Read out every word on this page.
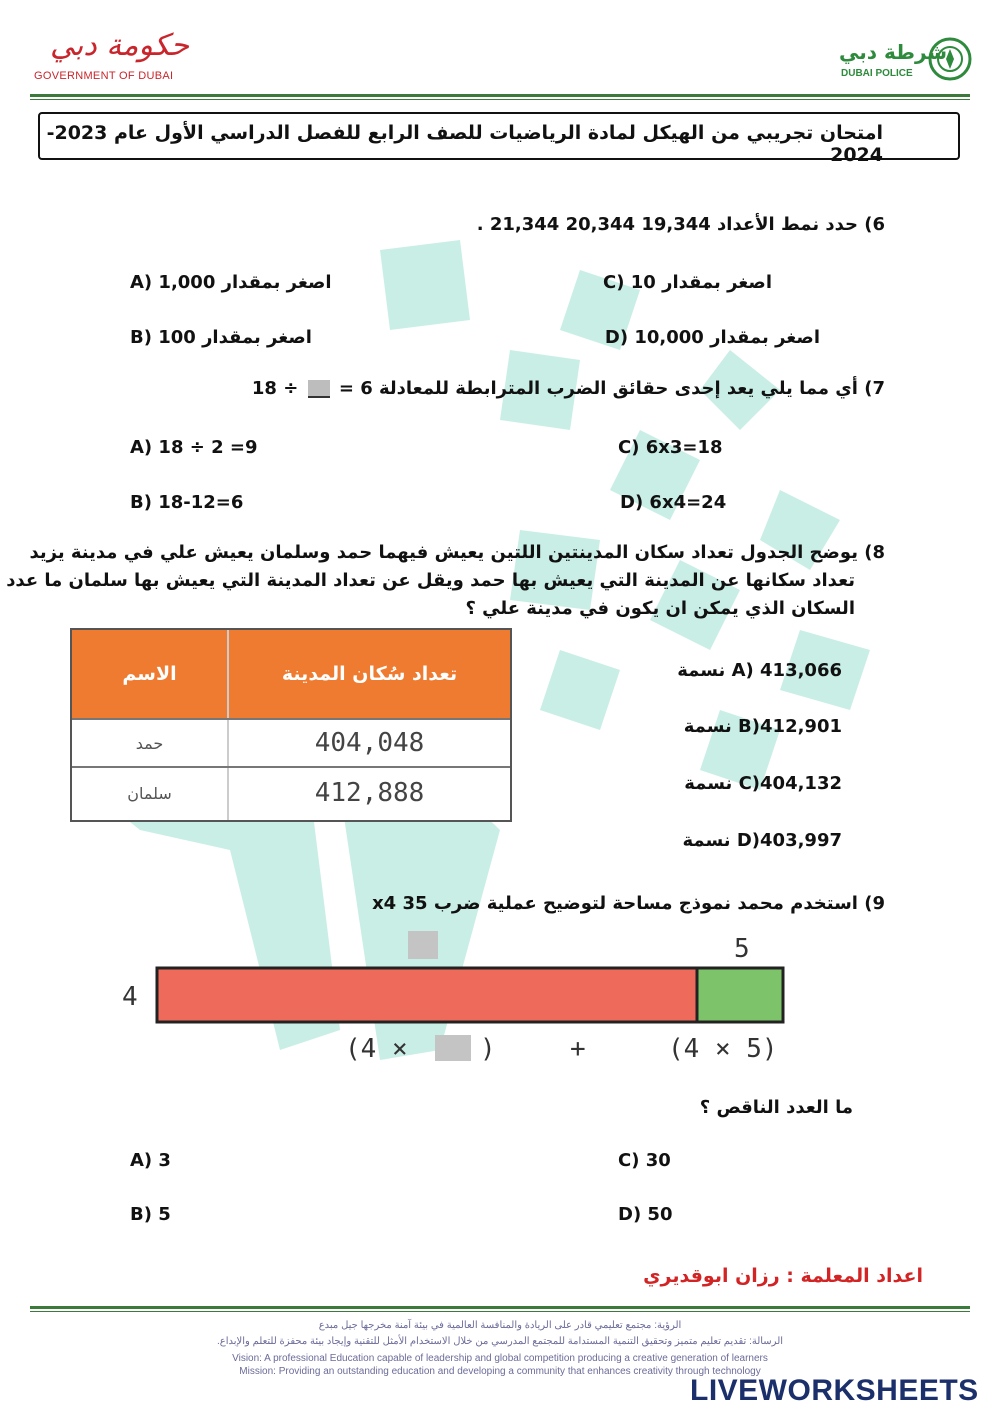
حكومة دبي
GOVERNMENT OF DUBAI
شرطة دبي
DUBAI POLICE
امتحان تجريبي من الهيكل لمادة الرياضيات للصف الرابع للفصل الدراسي الأول عام 2023-2024
6) حدد نمط الأعداد 19,344 20,344 21,344 .
A) 1,000 اصغر بمقدار
B) 100 اصغر بمقدار
اصغر بمقدار 10 (C
اصغر بمقدار 10,000 (D
7) أي مما يلي يعد إحدى حقائق الضرب المترابطة للمعادلة 6 =  ÷ 18
A) 18 ÷ 2 =9
B) 18-12=6
C) 6x3=18
D) 6x4=24
8) يوضح الجدول تعداد سكان المدينتين اللتين يعيش فيهما حمد وسلمان يعيش علي في مدينة يزيد
تعداد سكانها عن المدينة التي يعيش بها حمد ويقل عن تعداد المدينة التي يعيش بها سلمان ما عدد
السكان الذي يمكن ان يكون في مدينة علي ؟
الاسم	تعداد سُكان المدينة
حمد	404,048
سلمان	412,888
413,066 (A نسمة
412,901(B نسمة
404,132(C نسمة
403,997(D نسمة
9) استخدم محمد نموذج مساحة لتوضيح عملية ضرب 35 x4
5
4
(4 ×	)	+	(4 × 5)
ما العدد الناقص ؟
A) 3
B) 5
C) 30
D) 50
اعداد المعلمة : رزان ابوقديري
الرؤية: مجتمع تعليمي قادر على الريادة والمنافسة العالمية في بيئة آمنة مخرجها جيل مبدع
الرسالة: تقديم تعليم متميز وتحقيق التنمية المستدامة للمجتمع المدرسي من خلال الاستخدام الأمثل للتقنية وإيجاد بيئة محفزة للتعلم والإبداع.
Vision: A professional Education capable of leadership and global competition producing a creative generation of learners
Mission: Providing an outstanding education and developing a community that enhances creativity through technology
LIVEWORKSHEETS
